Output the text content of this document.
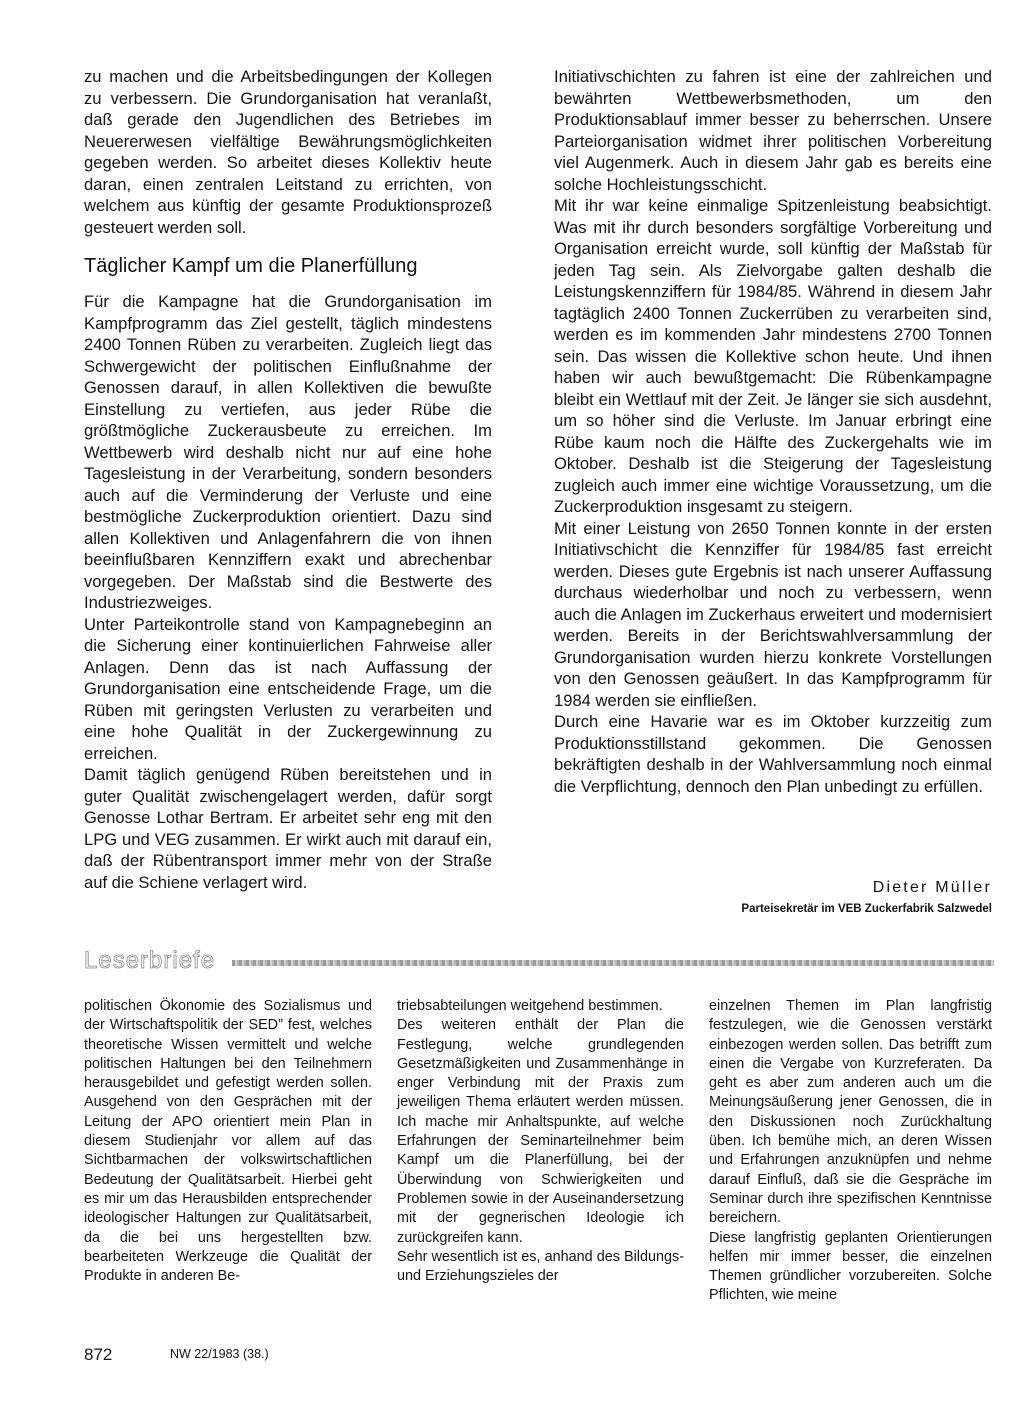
zu machen und die Arbeitsbedingungen der Kollegen zu verbessern. Die Grundorganisation hat veranlaßt, daß gerade den Jugendlichen des Betriebes im Neuererwesen vielfältige Bewährungsmöglichkeiten gegeben werden. So arbeitet dieses Kollektiv heute daran, einen zentralen Leitstand zu errichten, von welchem aus künftig der gesamte Produktionsprozeß gesteuert werden soll.

Täglicher Kampf um die Planerfüllung

Für die Kampagne hat die Grundorganisation im Kampfprogramm das Ziel gestellt, täglich mindestens 2400 Tonnen Rüben zu verarbeiten. Zugleich liegt das Schwergewicht der politischen Einflußnahme der Genossen darauf, in allen Kollektiven die bewußte Einstellung zu vertiefen, aus jeder Rübe die größtmögliche Zuckerausbeute zu erreichen. Im Wettbewerb wird deshalb nicht nur auf eine hohe Tagesleistung in der Verarbeitung, sondern besonders auch auf die Verminderung der Verluste und eine bestmögliche Zuckerproduktion orientiert. Dazu sind allen Kollektiven und Anlagenfahrern die von ihnen beeinflußbaren Kennziffern exakt und abrechenbar vorgegeben. Der Maßstab sind die Bestwerte des Industriezweiges.

Unter Parteikontrolle stand von Kampagnebeginn an die Sicherung einer kontinuierlichen Fahrweise aller Anlagen. Denn das ist nach Auffassung der Grundorganisation eine entscheidende Frage, um die Rüben mit geringsten Verlusten zu verarbeiten und eine hohe Qualität in der Zuckergewinnung zu erreichen.

Damit täglich genügend Rüben bereitstehen und in guter Qualität zwischengelagert werden, dafür sorgt Genosse Lothar Bertram. Er arbeitet sehr eng mit den LPG und VEG zusammen. Er wirkt auch mit darauf ein, daß der Rübentransport immer mehr von der Straße auf die Schiene verlagert wird.

Initiativschichten zu fahren ist eine der zahlreichen und bewährten Wettbewerbsmethoden, um den Produktionsablauf immer besser zu beherrschen. Unsere Parteiorganisation widmet ihrer politischen Vorbereitung viel Augenmerk. Auch in diesem Jahr gab es bereits eine solche Hochleistungsschicht.

Mit ihr war keine einmalige Spitzenleistung beabsichtigt. Was mit ihr durch besonders sorgfältige Vorbereitung und Organisation erreicht wurde, soll künftig der Maßstab für jeden Tag sein. Als Zielvorgabe galten deshalb die Leistungskennziffern für 1984/85. Während in diesem Jahr tagtäglich 2400 Tonnen Zuckerrüben zu verarbeiten sind, werden es im kommenden Jahr mindestens 2700 Tonnen sein. Das wissen die Kollektive schon heute. Und ihnen haben wir auch bewußtgemacht: Die Rübenkampagne bleibt ein Wettlauf mit der Zeit. Je länger sie sich ausdehnt, um so höher sind die Verluste. Im Januar erbringt eine Rübe kaum noch die Hälfte des Zuckergehalts wie im Oktober. Deshalb ist die Steigerung der Tagesleistung zugleich auch immer eine wichtige Voraussetzung, um die Zuckerproduktion insgesamt zu steigern.

Mit einer Leistung von 2650 Tonnen konnte in der ersten Initiativschicht die Kennziffer für 1984/85 fast erreicht werden. Dieses gute Ergebnis ist nach unserer Auffassung durchaus wiederholbar und noch zu verbessern, wenn auch die Anlagen im Zuckerhaus erweitert und modernisiert werden. Bereits in der Berichtswahlversammlung der Grundorganisation wurden hierzu konkrete Vorstellungen von den Genossen geäußert. In das Kampfprogramm für 1984 werden sie einfließen.

Durch eine Havarie war es im Oktober kurzzeitig zum Produktionsstillstand gekommen. Die Genossen bekräftigten deshalb in der Wahlversammlung noch einmal die Verpflichtung, dennoch den Plan unbedingt zu erfüllen.

Dieter Müller
Parteisekretär im VEB Zuckerfabrik Salzwedel
Leserbriefe

politischen Ökonomie des Sozialismus und der Wirtschaftspolitik der SED” fest, welches theoretische Wissen vermittelt und welche politischen Haltungen bei den Teilnehmern herausgebildet und gefestigt werden sollen. Ausgehend von den Gesprächen mit der Leitung der APO orientiert mein Plan in diesem Studienjahr vor allem auf das Sichtbarmachen der volkswirtschaftlichen Bedeutung der Qualitätsarbeit. Hierbei geht es mir um das Herausbilden entsprechender ideologischer Haltungen zur Qualitätsarbeit, da die bei uns hergestellten bzw. bearbeiteten Werkzeuge die Qualität der Produkte in anderen Be-

triebsabteilungen weitgehend bestimmen.

Des weiteren enthält der Plan die Festlegung, welche grundlegenden Gesetzmäßigkeiten und Zusammenhänge in enger Verbindung mit der Praxis zum jeweiligen Thema erläutert werden müssen. Ich mache mir Anhaltspunkte, auf welche Erfahrungen der Seminarteilnehmer beim Kampf um die Planerfüllung, bei der Überwindung von Schwierigkeiten und Problemen sowie in der Auseinandersetzung mit der gegnerischen Ideologie ich zurückgreifen kann.

Sehr wesentlich ist es, anhand des Bildungs- und Erziehungszieles der

einzelnen Themen im Plan langfristig festzulegen, wie die Genossen verstärkt einbezogen werden sollen. Das betrifft zum einen die Vergabe von Kurzreferaten. Da geht es aber zum anderen auch um die Meinungsäußerung jener Genossen, die in den Diskussionen noch Zurückhaltung üben. Ich bemühe mich, an deren Wissen und Erfahrungen anzuknüpfen und nehme darauf Einfluß, daß sie die Gespräche im Seminar durch ihre spezifischen Kenntnisse bereichern.

Diese langfristig geplanten Orientierungen helfen mir immer besser, die einzelnen Themen gründlicher vorzubereiten. Solche Pflichten, wie meine

872	NW 22/1983 (38.)
